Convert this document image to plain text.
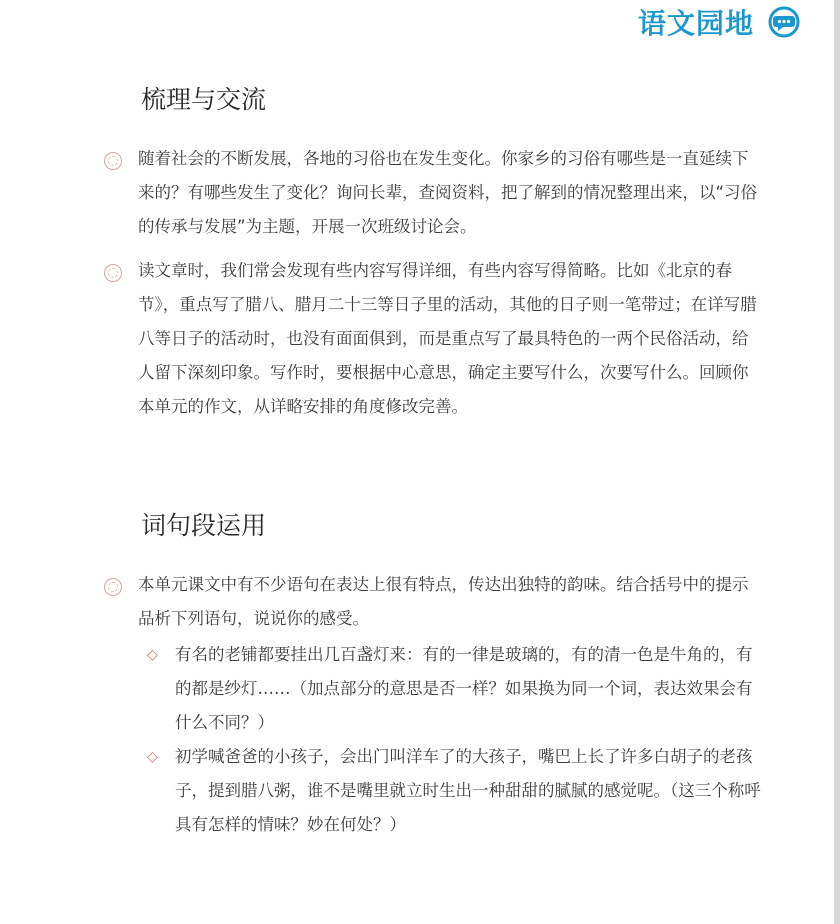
语文园地
梳理与交流

随着社会的不断发展，各地的习俗也在发生变化。你家乡的习俗有哪些是一直延续下来的？有哪些发生了变化？询问长辈，查阅资料，把了解到的情况整理出来，以“习俗的传承与发展”为主题，开展一次班级讨论会。

读文章时，我们常会发现有些内容写得详细，有些内容写得简略。比如《北京的春节》，重点写了腊八、腊月二十三等日子里的活动，其他的日子则一笔带过；在详写腊八等日子的活动时，也没有面面俱到，而是重点写了最具特色的一两个民俗活动，给人留下深刻印象。写作时，要根据中心意思，确定主要写什么，次要写什么。回顾你本单元的作文，从详略安排的角度修改完善。

词句段运用

本单元课文中有不少语句在表达上很有特点，传达出独特的韵味。结合括号中的提示品析下列语句，说说你的感受。

◇ 有名的老铺都要挂出几百盏灯来：有的一律是玻璃的，有的清一色是牛角的，有的都是纱灯……（加点部分的意思是否一样？如果换为同一个词，表达效果会有什么不同？）

◇ 初学喊爸爸的小孩子，会出门叫洋车了的大孩子，嘴巴上长了许多白胡子的老孩子，提到腊八粥，谁不是嘴里就立时生出一种甜甜的腻腻的感觉呢。（这三个称呼具有怎样的情味？妙在何处？）
